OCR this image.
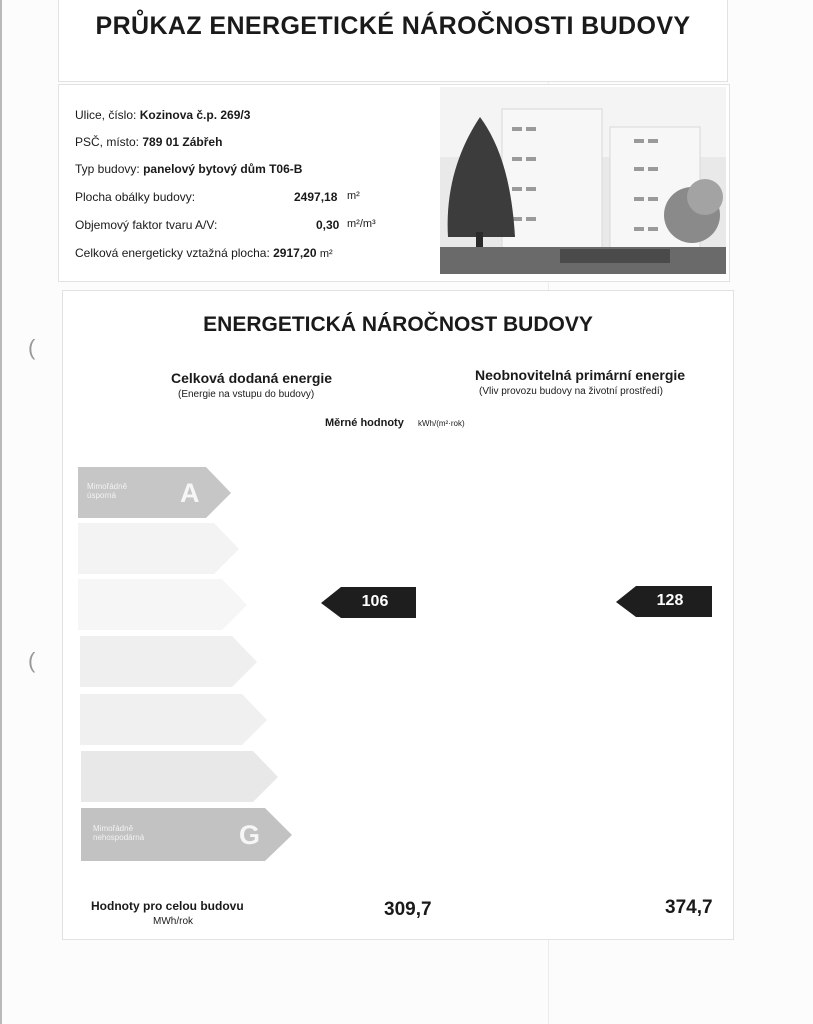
PRŮKAZ ENERGETICKÉ NÁROČNOSTI BUDOVY
Ulice, číslo: Kozinova č.p. 269/3
PSČ, místo: 789 01 Zábřeh
Typ budovy: panelový bytový dům T06-B
Plocha obálky budovy:	2497,18 m²
Objemový faktor tvaru A/V:	0,30 m²/m³
Celková energeticky vztažná plocha: 2917,20 m²
ENERGETICKÁ NÁROČNOST BUDOVY
Celková dodaná energie
(Energie na vstupu do budovy)
Neobnovitelná primární energie
(Vliv provozu budovy na životní prostředí)
Měrné hodnoty kWh/(m²·rok)
Mimořádně
úsporná	A
Mimořádně
nehospodárná	G
106	128
Hodnoty pro celou budovu
MWh/rok
309,7	374,7
(
(
